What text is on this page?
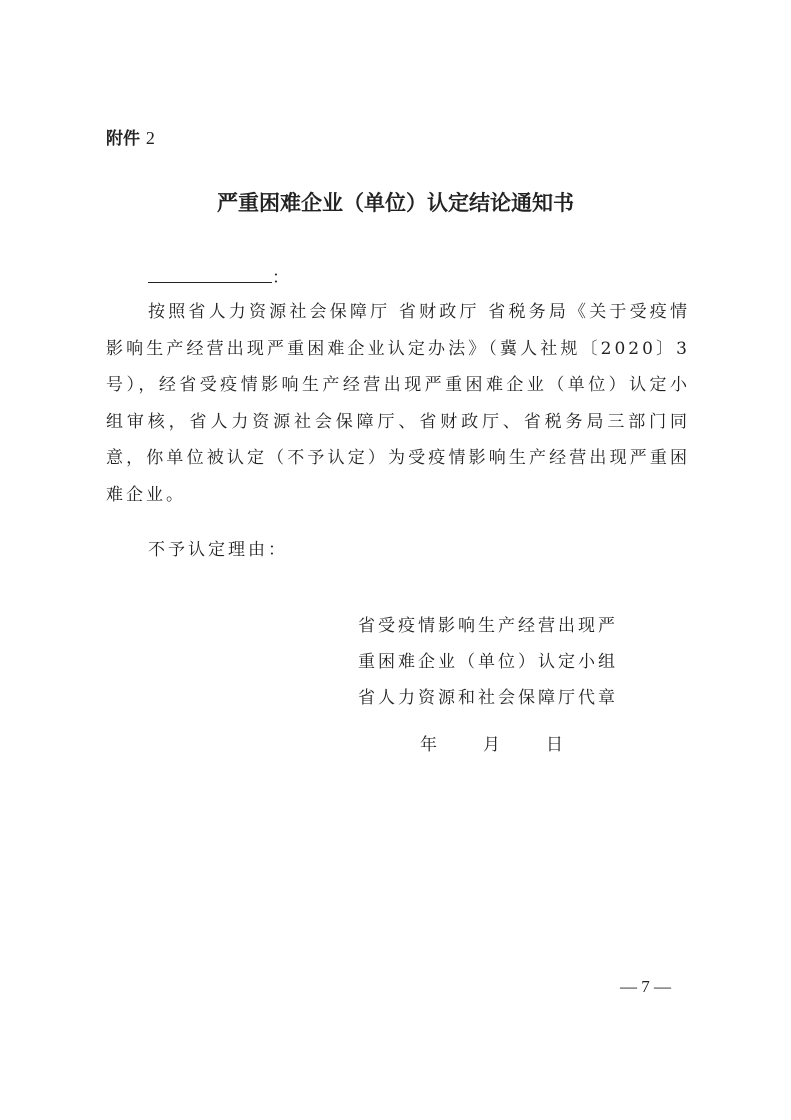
附件 2
严重困难企业（单位）认定结论通知书
：

按照省人力资源社会保障厅 省财政厅 省税务局《关于受疫情影响生产经营出现严重困难企业认定办法》（冀人社规〔2020〕3号），经省受疫情影响生产经营出现严重困难企业（单位）认定小组审核，省人力资源社会保障厅、省财政厅、省税务局三部门同意，你单位被认定（不予认定）为受疫情影响生产经营出现严重困难企业。

不予认定理由：
省受疫情影响生产经营出现严
重困难企业（单位）认定小组
省人力资源和社会保障厅代章
年	月	日
— 7 —
